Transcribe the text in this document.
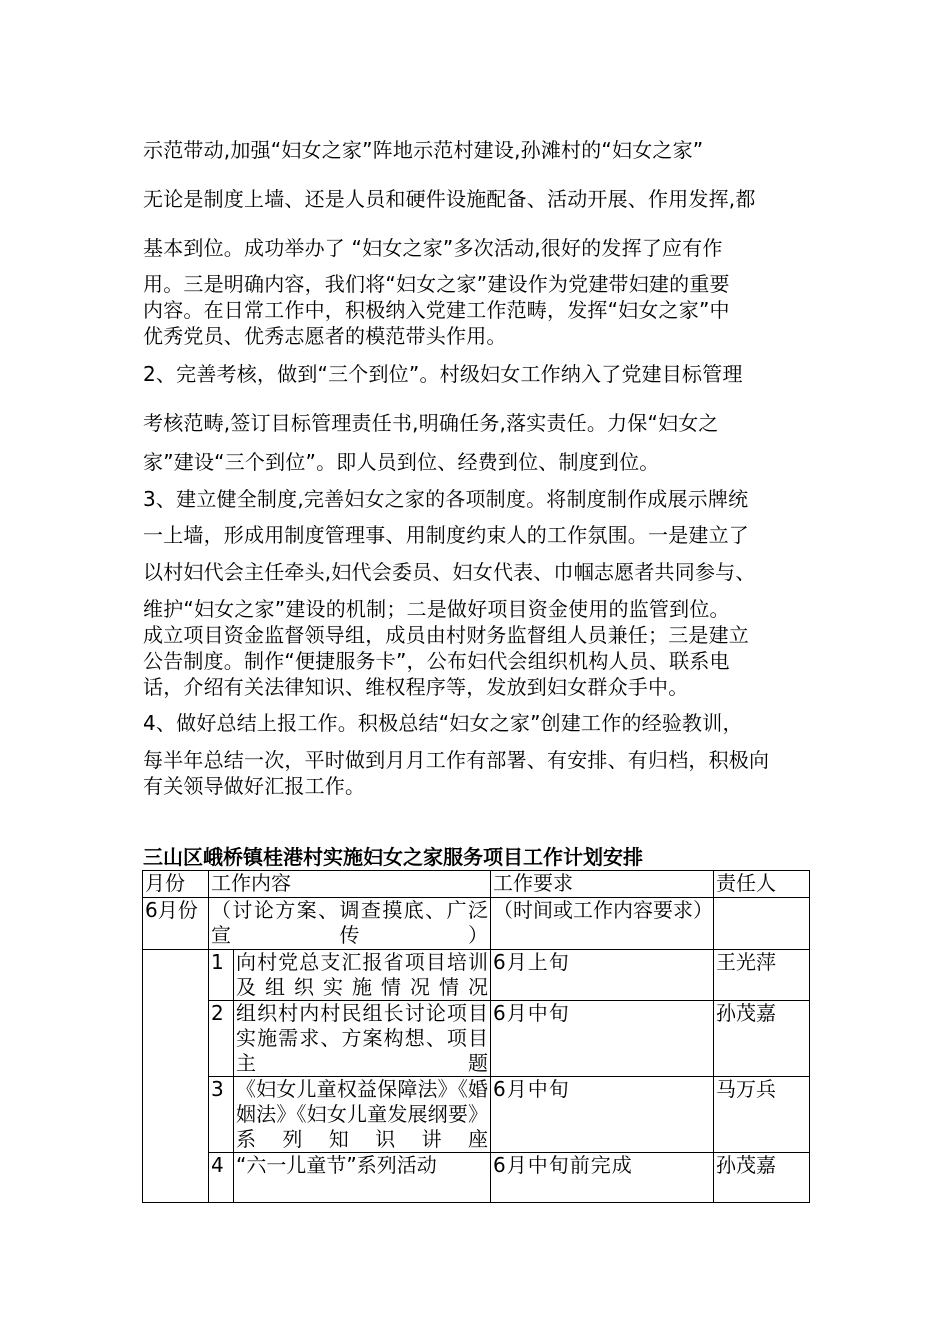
示范带动,加强“妇女之家”阵地示范村建设,孙滩村的“妇女之家”
无论是制度上墙、还是人员和硬件设施配备、活动开展、作用发挥,都
基本到位。成功举办了 “妇女之家”多次活动,很好的发挥了应有作
用。三是明确内容，我们将“妇女之家”建设作为党建带妇建的重要
内容。在日常工作中，积极纳入党建工作范畴，发挥“妇女之家”中
优秀党员、优秀志愿者的模范带头作用。
2、完善考核，做到“三个到位”。村级妇女工作纳入了党建目标管理
考核范畴,签订目标管理责任书,明确任务,落实责任。力保“妇女之
家”建设“三个到位”。即人员到位、经费到位、制度到位。
3、建立健全制度,完善妇女之家的各项制度。将制度制作成展示牌统
一上墙，形成用制度管理事、用制度约束人的工作氛围。一是建立了
以村妇代会主任牵头,妇代会委员、妇女代表、巾帼志愿者共同参与、
维护“妇女之家”建设的机制；二是做好项目资金使用的监管到位。
成立项目资金监督领导组，成员由村财务监督组人员兼任；三是建立
公告制度。制作“便捷服务卡”，公布妇代会组织机构人员、联系电
话，介绍有关法律知识、维权程序等，发放到妇女群众手中。
4、做好总结上报工作。积极总结“妇女之家”创建工作的经验教训，
每半年总结一次，平时做到月月工作有部署、有安排、有归档，积极向
有关领导做好汇报工作。
三山区峨桥镇桂港村实施妇女之家服务项目工作计划安排
月份	工作内容		工作要求	责任人
6月份	（讨论方案、调查摸底、广泛宣传）		（时间或工作内容要求）	
	1	向村党总支汇报省项目培训及组织实施情况情况	6月上旬	王光萍
	2	组织村内村民组长讨论项目实施需求、方案构想、项目主题	6月中旬	孙茂嘉
	3	《妇女儿童权益保障法》《婚姻法》《妇女儿童发展纲要》系列知识讲座	6月中旬	马万兵
	4	“六一儿童节”系列活动	6月中旬前完成	孙茂嘉
